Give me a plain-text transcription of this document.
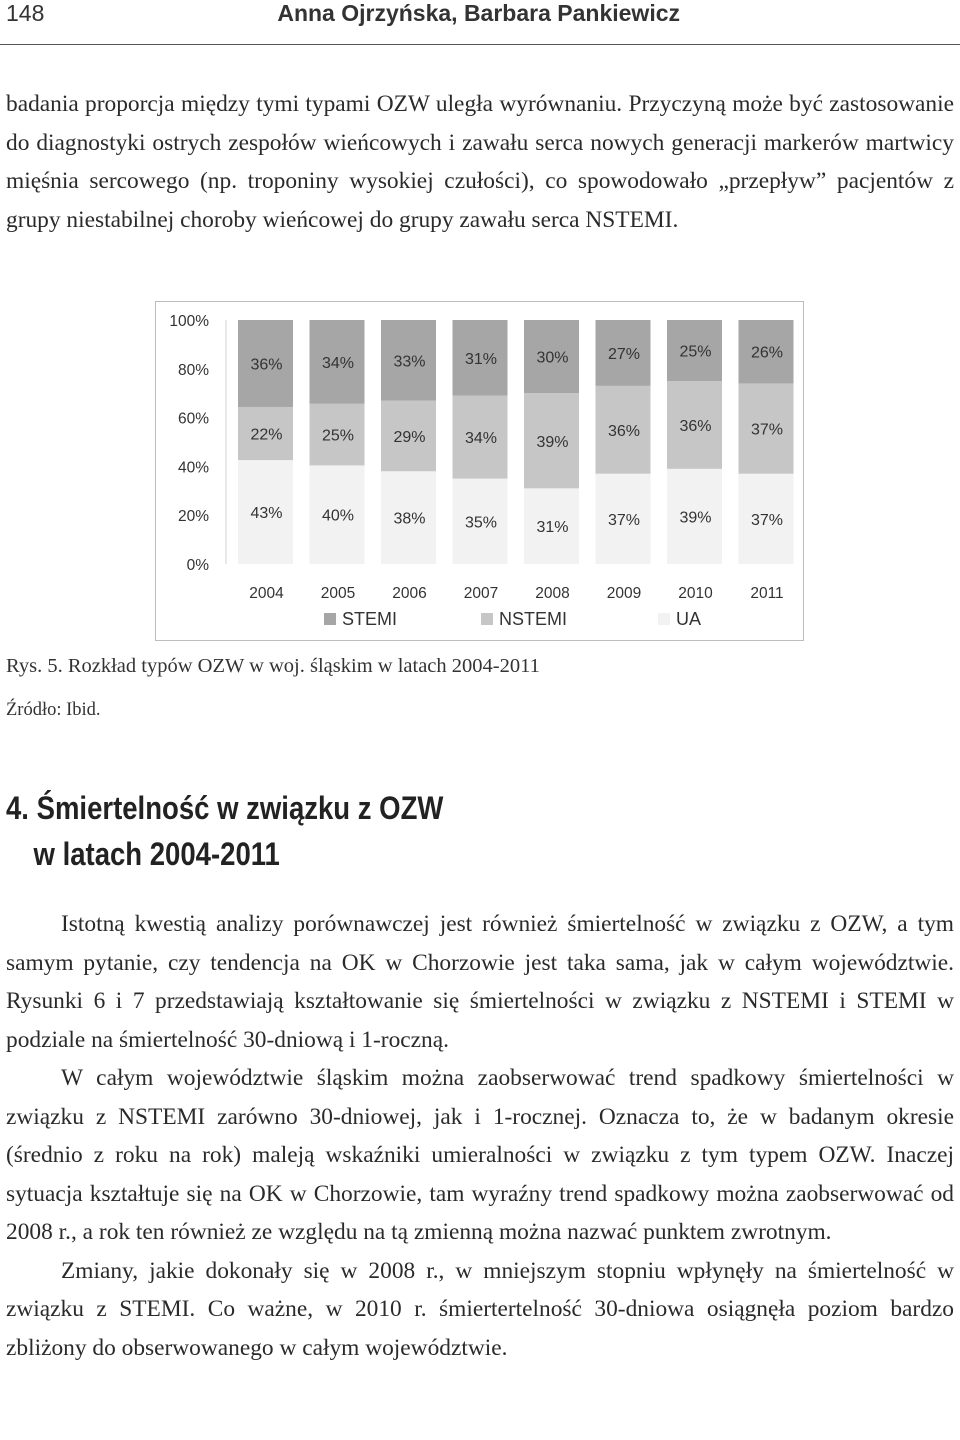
148	Anna Ojrzyńska, Barbara Pankiewicz

badania proporcja między tymi typami OZW uległa wyrównaniu. Przyczyną może być zastosowanie do diagnostyki ostrych zespołów wieńcowych i zawału serca nowych generacji markerów martwicy mięśnia sercowego (np. troponiny wysokiej czułości), co spowodowało „przepływ” pacjentów z grupy niestabilnej choroby wieńcowej do grupy zawału serca NSTEMI.

0%
20%
40%
60%
80%
100%
43%
22%
36%
2004
40%
25%
34%
2005
38%
29%
33%
2006
35%
34%
31%
2007
31%
39%
30%
2008
37%
36%
27%
2009
39%
36%
25%
2010
37%
37%
26%
2011
STEMI	NSTEMI	UA
Rys. 5. Rozkład typów OZW w woj. śląskim w latach 2004-2011
Źródło: Ibid.
4. Śmiertelność w związku z OZW
w latach 2004-2011

Istotną kwestią analizy porównawczej jest również śmiertelność w związku z OZW, a tym samym pytanie, czy tendencja na OK w Chorzowie jest taka sama, jak w całym województwie. Rysunki 6 i 7 przedstawiają kształtowanie się śmiertelności w związku z NSTEMI i STEMI w podziale na śmiertelność 30-dniową i 1-roczną.

W całym województwie śląskim można zaobserwować trend spadkowy śmiertelności w związku z NSTEMI zarówno 30-dniowej, jak i 1-rocznej. Oznacza to, że w badanym okresie (średnio z roku na rok) maleją wskaźniki umieralności w związku z tym typem OZW. Inaczej sytuacja kształtuje się na OK w Chorzowie, tam wyraźny trend spadkowy można zaobserwować od 2008 r., a rok ten również ze względu na tą zmienną można nazwać punktem zwrotnym.

Zmiany, jakie dokonały się w 2008 r., w mniejszym stopniu wpłynęły na śmiertelność w związku z STEMI. Co ważne, w 2010 r. śmiertertelność 30-dniowa osiągnęła poziom bardzo zbliżony do obserwowanego w całym województwie.
